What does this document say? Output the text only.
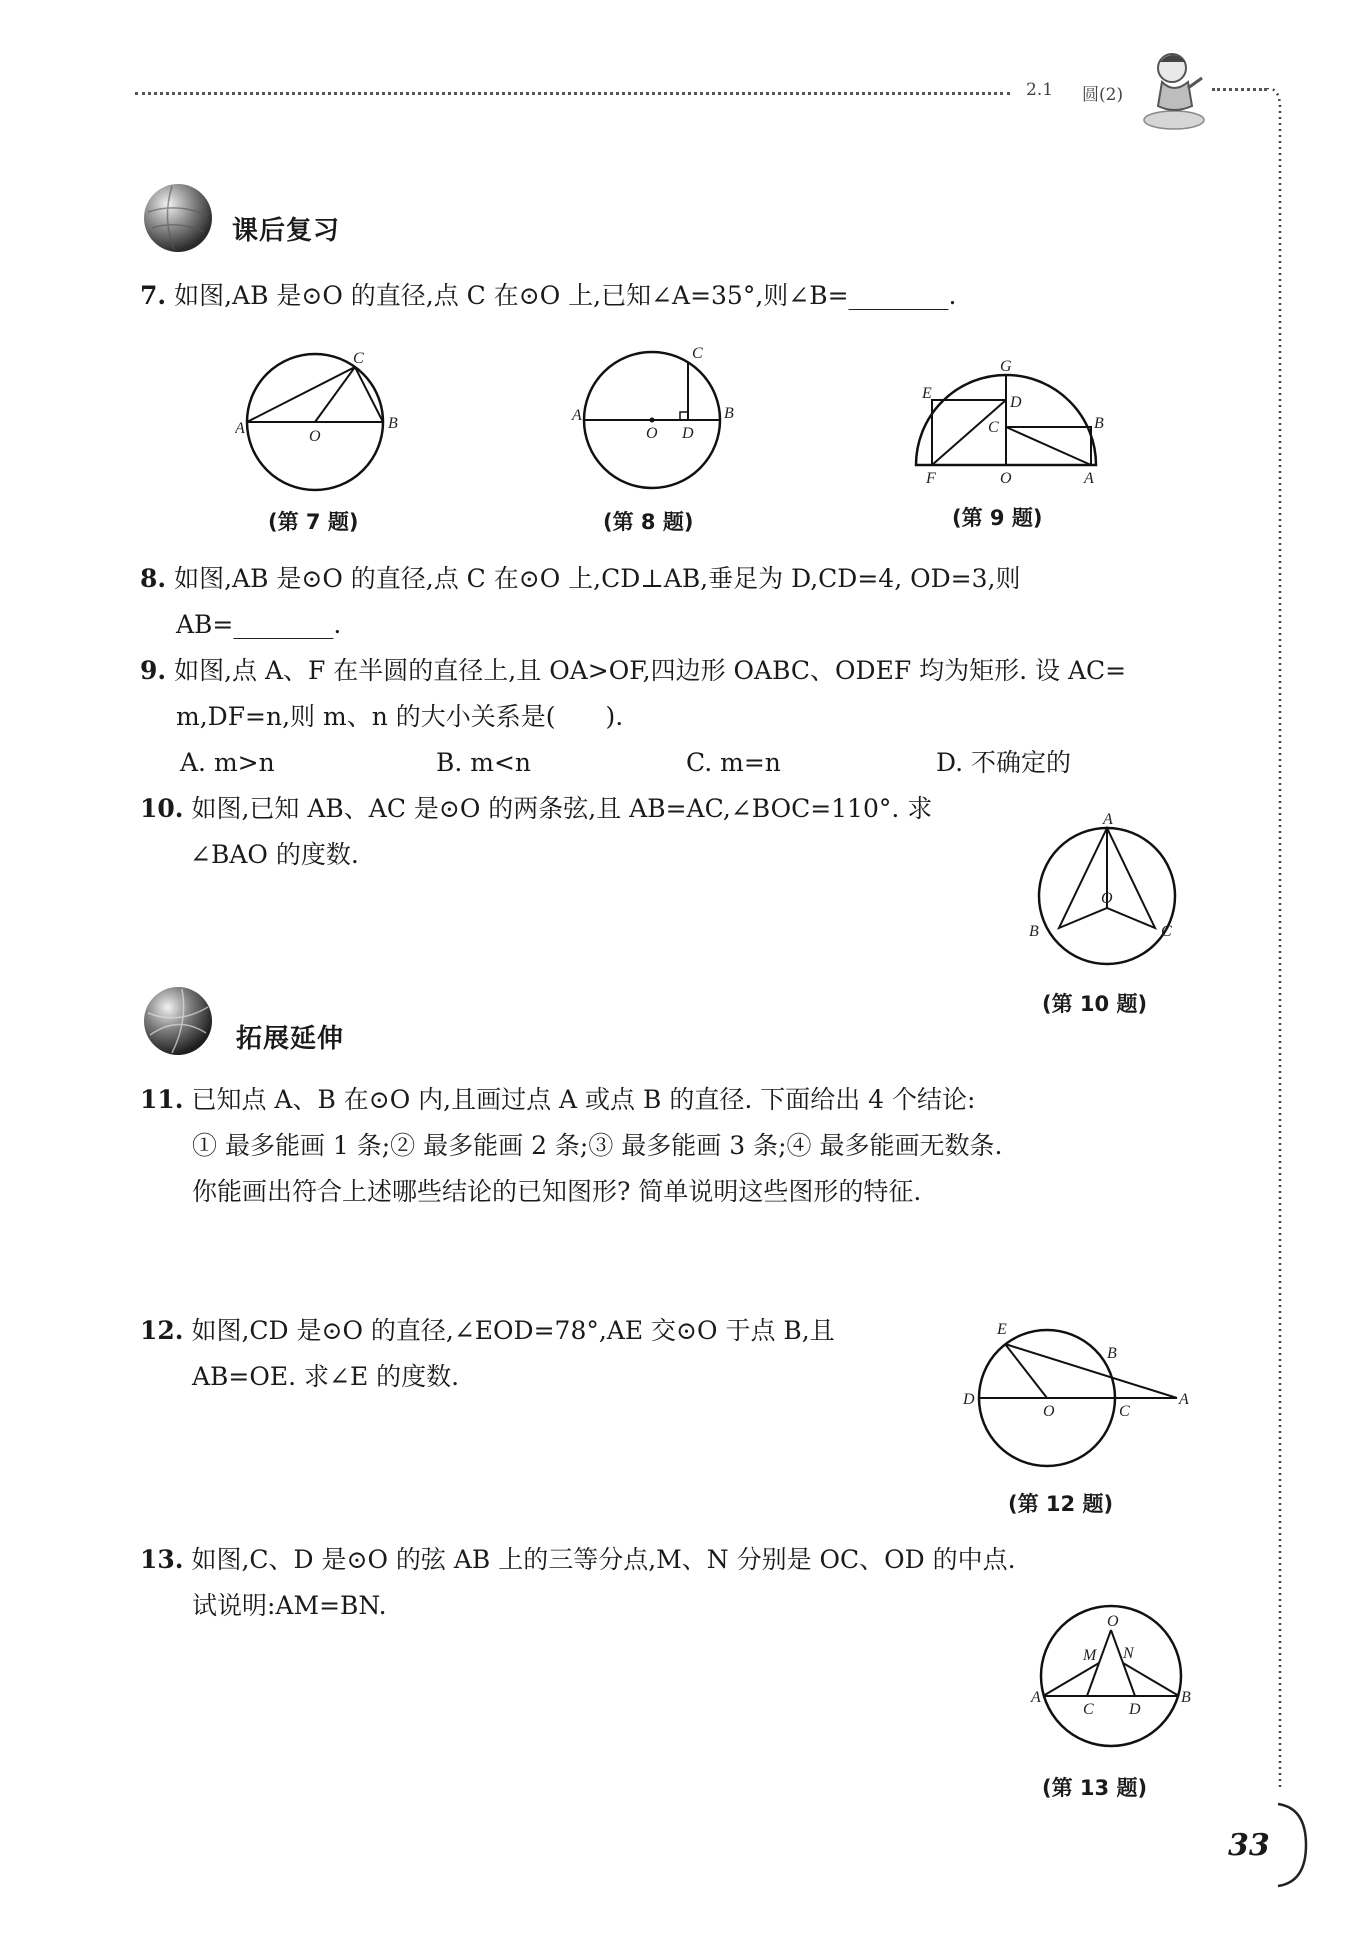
2.1 圆(2)
课后复习
7. 如图,AB 是⊙O 的直径,点 C 在⊙O 上,已知∠A=35°,则∠B=________.
A	B
C
O
(第 7 题)
A	B
C
O D
(第 8 题)
G
E
D
C	B
F	O	A
(第 9 题)
8. 如图,AB 是⊙O 的直径,点 C 在⊙O 上,CD⊥AB,垂足为 D,CD=4, OD=3,则
AB=________.
9. 如图,点 A、F 在半圆的直径上,且 OA>OF,四边形 OABC、ODEF 均为矩形. 设 AC=
m,DF=n,则 m、n 的大小关系是(　　).
A. m>n	B. m<n	C. m=n	D. 不确定的
10. 如图,已知 AB、AC 是⊙O 的两条弦,且 AB=AC,∠BOC=110°. 求
∠BAO 的度数.
A
O
B	C
(第 10 题)
拓展延伸
11. 已知点 A、B 在⊙O 内,且画过点 A 或点 B 的直径. 下面给出 4 个结论:
① 最多能画 1 条;② 最多能画 2 条;③ 最多能画 3 条;④ 最多能画无数条.
你能画出符合上述哪些结论的已知图形? 简单说明这些图形的特征.
12. 如图,CD 是⊙O 的直径,∠EOD=78°,AE 交⊙O 于点 B,且
AB=OE. 求∠E 的度数.
E
B
D
O	C
A
(第 12 题)
13. 如图,C、D 是⊙O 的弦 AB 上的三等分点,M、N 分别是 OC、OD 的中点.
试说明:AM=BN.
O
M N
A
C D
B
(第 13 题)
33
